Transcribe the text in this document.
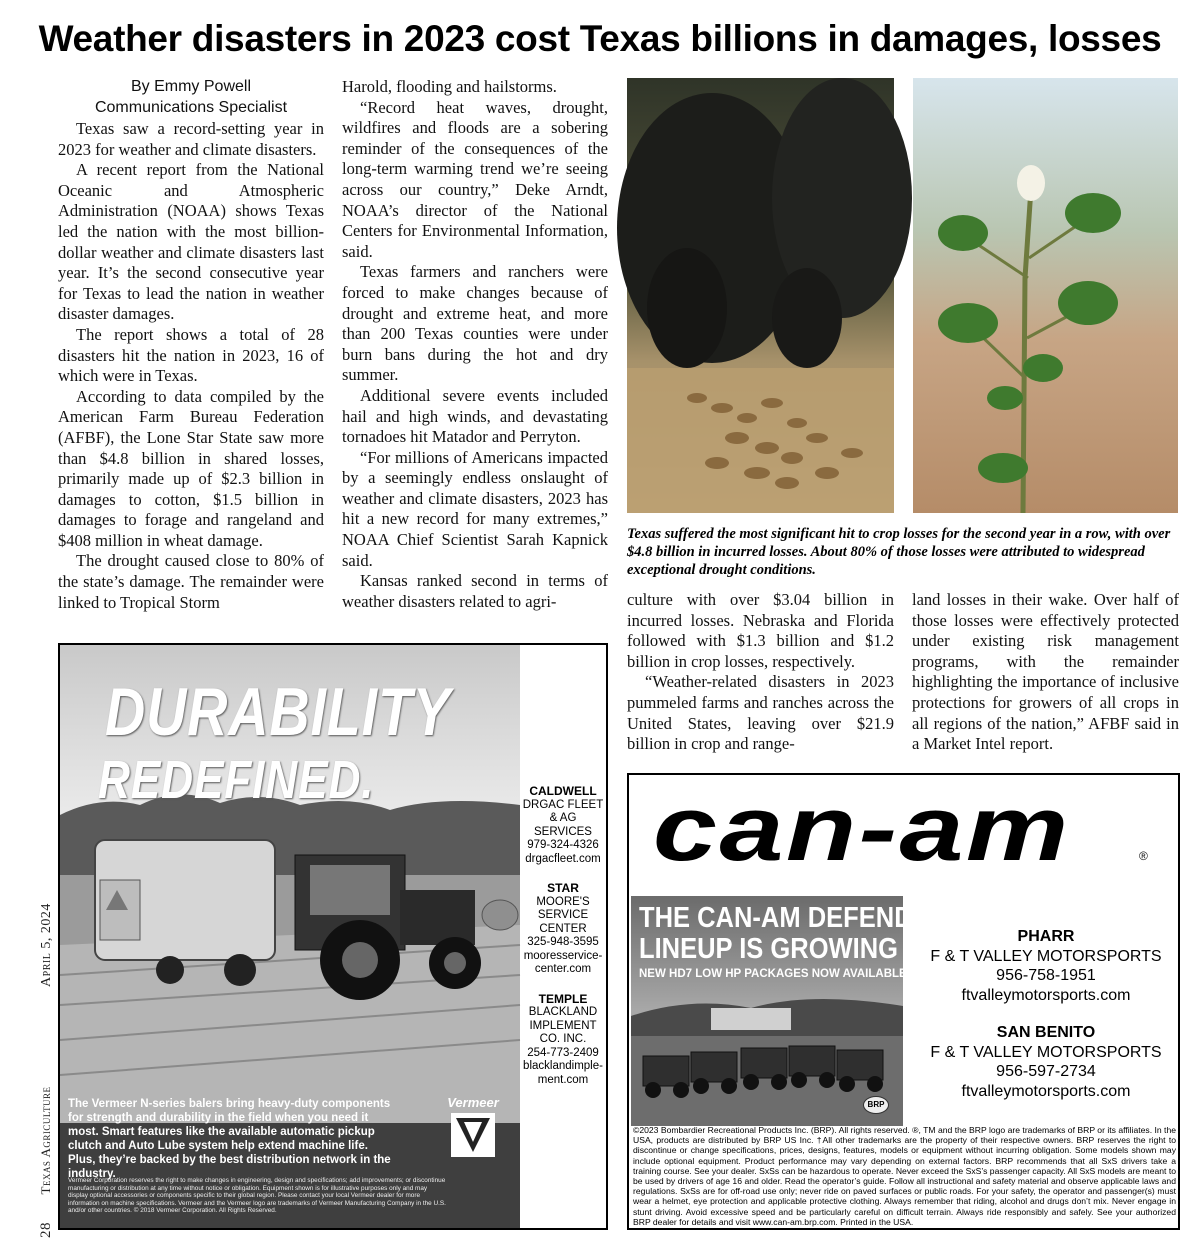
Weather disasters in 2023 cost Texas billions in damages, losses
By Emmy Powell
Communications Specialist

Texas saw a record-setting year in 2023 for weather and climate disasters.

A recent report from the National Oceanic and Atmospheric Administration (NOAA) shows Texas led the nation with the most billion-dollar weather and climate disasters last year. It’s the second consecutive year for Texas to lead the nation in weather disaster damages.

The report shows a total of 28 disasters hit the nation in 2023, 16 of which were in Texas.

According to data compiled by the American Farm Bureau Federation (AFBF), the Lone Star State saw more than $4.8 billion in shared losses, primarily made up of $2.3 billion in damages to cotton, $1.5 billion in damages to forage and rangeland and $408 million in wheat damage.

The drought caused close to 80% of the state’s damage. The remainder were linked to Tropical Storm

Harold, flooding and hailstorms.

“Record heat waves, drought, wildfires and floods are a sobering reminder of the consequences of the long-term warming trend we’re seeing across our country,” Deke Arndt, NOAA’s director of the National Centers for Environmental Information, said.

Texas farmers and ranchers were forced to make changes because of drought and extreme heat, and more than 200 Texas counties were under burn bans during the hot and dry summer.

Additional severe events included hail and high winds, and devastating tornadoes hit Matador and Perryton.

“For millions of Americans impacted by a seemingly endless onslaught of weather and climate disasters, 2023 has hit a new record for many extremes,” NOAA Chief Scientist Sarah Kapnick said.

Kansas ranked second in terms of weather disasters related to agri-

Texas suffered the most significant hit to crop losses for the second year in a row, with over $4.8 billion in incurred losses. About 80% of those losses were attributed to widespread exceptional drought conditions.

culture with over $3.04 billion in incurred losses. Nebraska and Florida followed with $1.3 billion and $1.2 billion in crop losses, respectively.

“Weather-related disasters in 2023 pummeled farms and ranches across the United States, leaving over $21.9 billion in crop and range-

land losses in their wake. Over half of those losses were effectively protected under existing risk management programs, with the remainder highlighting the importance of inclusive protections for growers of all crops in all regions of the nation,” AFBF said in a Market Intel report.

28  Texas Agriculture  April 5, 2024
DURABILITY
REDEFINED.
The Vermeer N-series balers bring heavy-duty components for strength and durability in the field when you need it most. Smart features like the available automatic pickup clutch and Auto Lube system help extend machine life. Plus, they’re backed by the best distribution network in the industry.
Vermeer
Vermeer Corporation reserves the right to make changes in engineering, design and specifications; add improvements; or discontinue manufacturing or distribution at any time without notice or obligation. Equipment shown is for illustrative purposes only and may display optional accessories or components specific to their global region. Please contact your local Vermeer dealer for more information on machine specifications. Vermeer and the Vermeer logo are trademarks of Vermeer Manufacturing Company in the U.S. and/or other countries. © 2018 Vermeer Corporation. All Rights Reserved.
CALDWELL
DRGAC FLEET
& AG
SERVICES
979-324-4326
drgacfleet.com
STAR
MOORE'S
SERVICE
CENTER
325-948-3595
mooresservice-
center.com
TEMPLE
BLACKLAND
IMPLEMENT
CO. INC.
254-773-2409
blacklandimple-
ment.com
can-am	®
THE CAN-AM DEFENDER
LINEUP IS GROWING
NEW HD7 LOW HP PACKAGES NOW AVAILABLE
BRP
PHARR
F & T VALLEY MOTORSPORTS
956-758-1951
ftvalleymotorsports.com
SAN BENITO
F & T VALLEY MOTORSPORTS
956-597-2734
ftvalleymotorsports.com
©2023 Bombardier Recreational Products Inc. (BRP). All rights reserved. ®, TM and the BRP logo are trademarks of BRP or its affiliates. In the USA, products are distributed by BRP US Inc. †All other trademarks are the property of their respective owners. BRP reserves the right to discontinue or change specifications, prices, designs, features, models or equipment without incurring obligation. Some models shown may include optional equipment. Product performance may vary depending on external factors. BRP recommends that all SxS drivers take a training course. See your dealer. SxSs can be hazardous to operate. Never exceed the SxS’s passenger capacity. All SxS models are meant to be used by drivers of age 16 and older. Read the operator’s guide. Follow all instructional and safety material and observe applicable laws and regulations. SxSs are for off-road use only; never ride on paved surfaces or public roads. For your safety, the operator and passenger(s) must wear a helmet, eye protection and applicable protective clothing. Always remember that riding, alcohol and drugs don’t mix. Never engage in stunt driving. Avoid excessive speed and be particularly careful on difficult terrain. Always ride responsibly and safely. See your authorized BRP dealer for details and visit www.can-am.brp.com. Printed in the USA.
